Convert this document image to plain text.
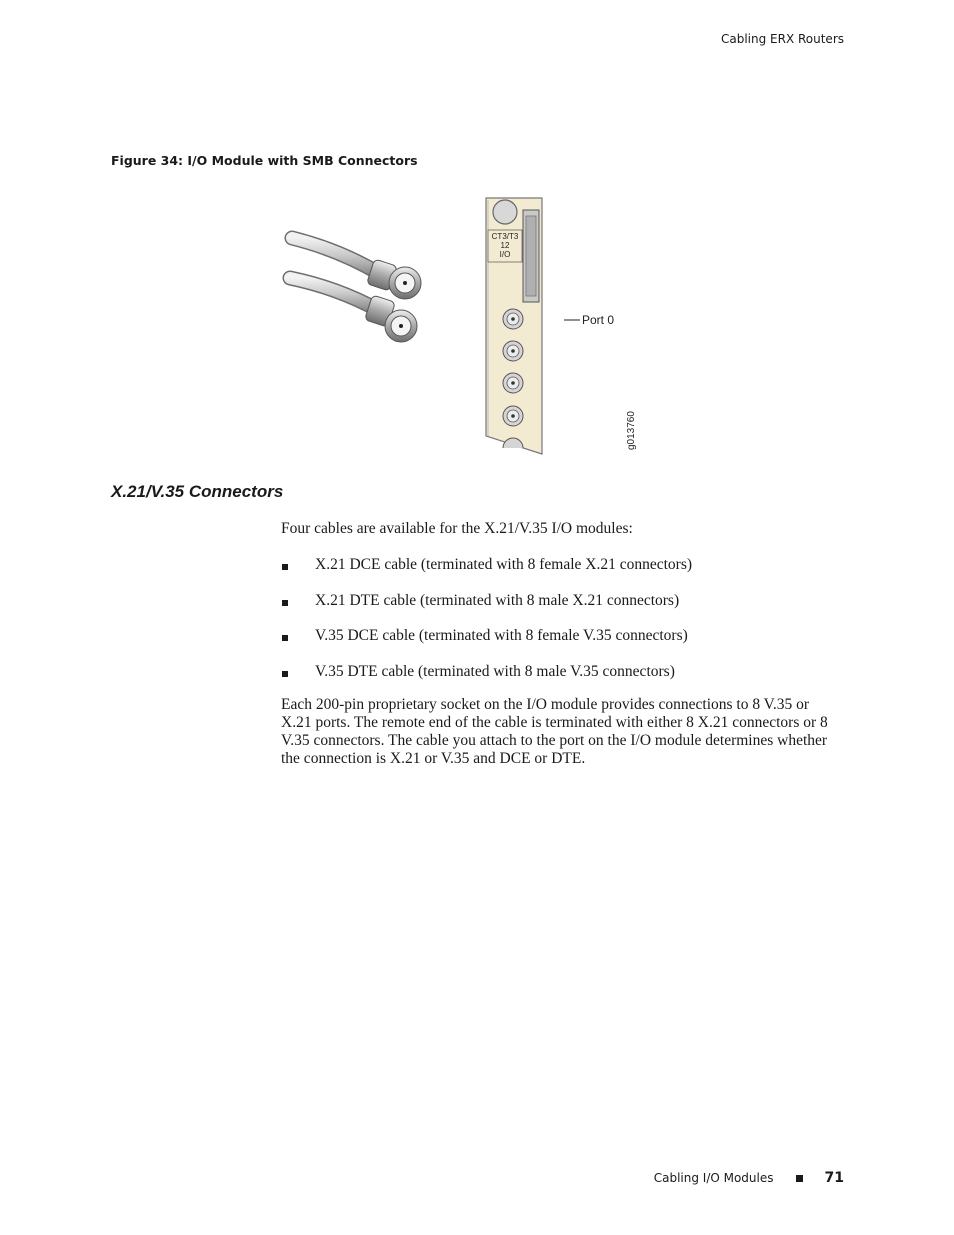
Cabling ERX Routers
Figure 34: I/O Module with SMB Connectors
CT3/T3
12
I/O
Port 0
g013760
X.21/V.35 Connectors

Four cables are available for the X.21/V.35 I/O modules:

X.21 DCE cable (terminated with 8 female X.21 connectors)
X.21 DTE cable (terminated with 8 male X.21 connectors)
V.35 DCE cable (terminated with 8 female V.35 connectors)
V.35 DTE cable (terminated with 8 male V.35 connectors)

Each 200-pin proprietary socket on the I/O module provides connections to 8 V.35 or X.21 ports. The remote end of the cable is terminated with either 8 X.21 connectors or 8 V.35 connectors. The cable you attach to the port on the I/O module determines whether the connection is X.21 or V.35 and DCE or DTE.

Cabling I/O Modules	71
